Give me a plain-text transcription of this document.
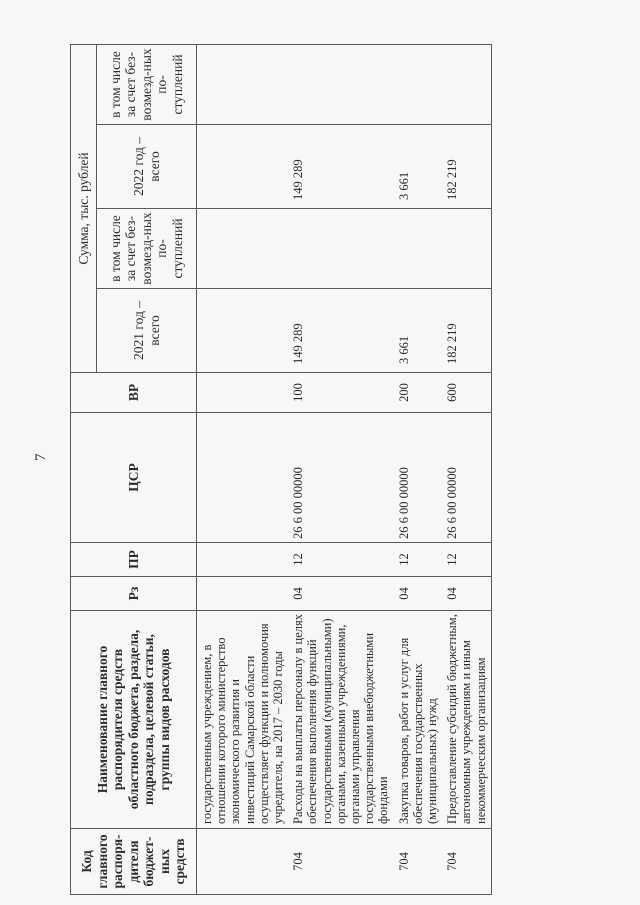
7
Код главного распоря-дителя бюджет-ных средств	Наименование главного распорядителя средств областного бюджета, раздела, подраздела, целевой статьи, группы видов расходов	Рз	ПР	ЦСР	ВР	Сумма, тыс. рублей			
						2021 год – всего	в том числе за счет без-возмезд-ных по-ступлений	2022 год – всего	в том числе за счет без-возмезд-ных по-ступлений
	государственным учреждением, в отношении которого министерство экономического развития и инвестиций Самарской области осуществляет функции и полномочия учредителя, на 2017 – 2030 годы								
704	Расходы на выплаты персоналу в целях обеспечения выполнения функций государственными (муниципальными) органами, казенными учреждениями, органами управления государственными внебюджетными фондами	04	12	26 6 00 00000	100	149 289		149 289	
704	Закупка товаров, работ и услуг для обеспечения государственных (муниципальных) нужд	04	12	26 6 00 00000	200	3 661		3 661	
704	Предоставление субсидий бюджетным, автономным учреждениям и иным некоммерческим организациям	04	12	26 6 00 00000	600	182 219		182 219	
